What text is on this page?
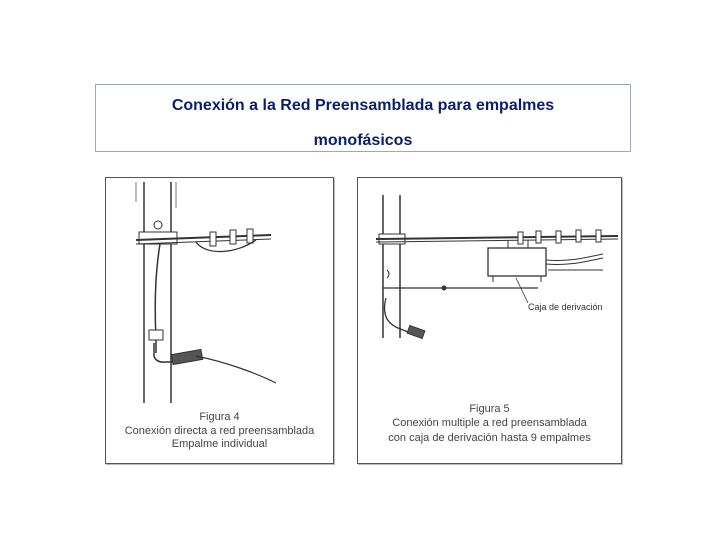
Conexión a la Red Preensamblada para empalmes
monofásicos
Figura 4
Conexión directa a red preensamblada
Empalme individual
Caja de derivación
Figura 5
Conexión multiple a red preensamblada
con caja de derivación hasta 9 empalmes
